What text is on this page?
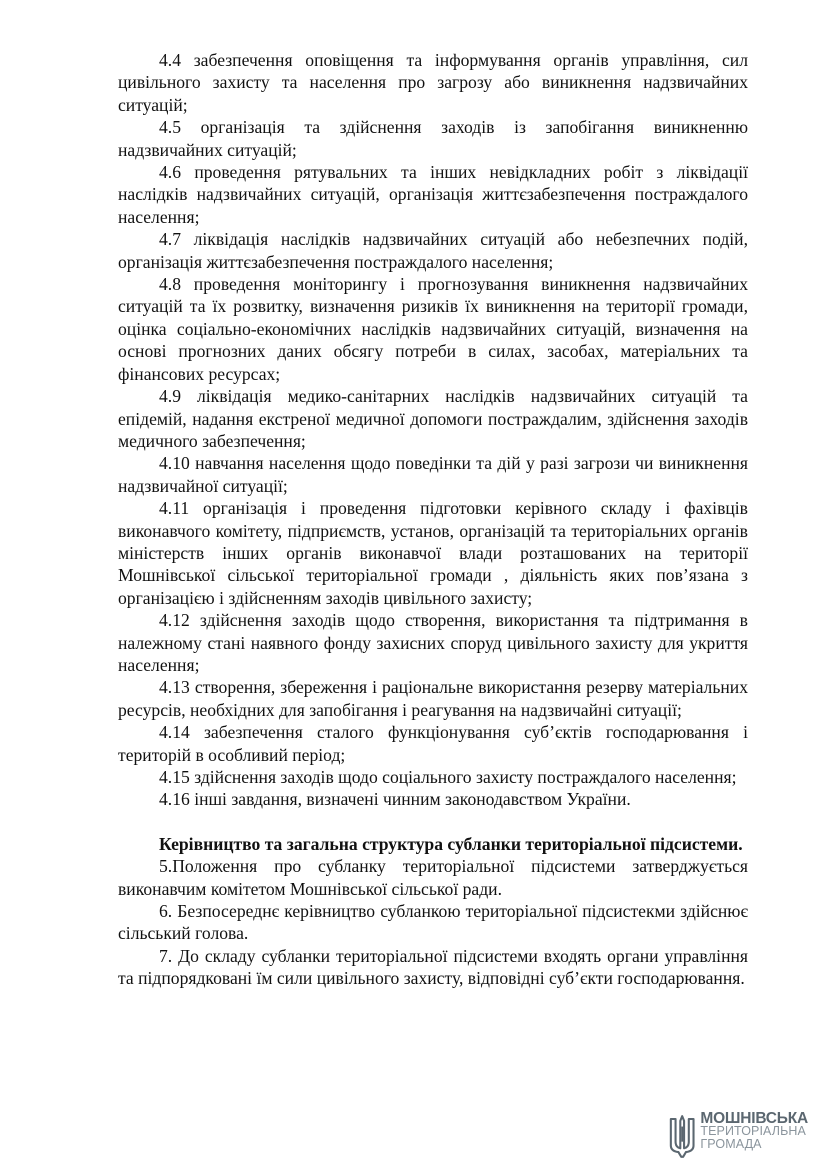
4.4 забезпечення оповіщення та інформування органів управління, сил цивільного захисту та населення про загрозу або виникнення надзвичайних ситуацій;

4.5 організація та здійснення заходів із запобігання виникненню надзвичайних ситуацій;

4.6 проведення рятувальних та інших невідкладних робіт з ліквідації наслідків надзвичайних ситуацій, організація життєзабезпечення постраждалого населення;

4.7 ліквідація наслідків надзвичайних ситуацій або небезпечних подій, організація життєзабезпечення постраждалого населення;

4.8 проведення моніторингу і прогнозування виникнення надзвичайних ситуацій та їх розвитку, визначення ризиків їх виникнення на території громади, оцінка соціально-економічних наслідків надзвичайних ситуацій, визначення на основі прогнозних даних обсягу потреби в силах, засобах, матеріальних та фінансових ресурсах;

4.9 ліквідація медико-санітарних наслідків надзвичайних ситуацій та епідемій, надання екстреної медичної допомоги постраждалим, здійснення заходів медичного забезпечення;

4.10 навчання населення щодо поведінки та дій у разі загрози чи виникнення надзвичайної ситуації;

4.11 організація і проведення підготовки керівного складу і фахівців виконавчого комітету, підприємств, установ, організацій та територіальних органів міністерств інших органів виконавчої влади розташованих на території Мошнівської сільської територіальної громади , діяльність яких пов’язана з організацією і здійсненням заходів цивільного захисту;

4.12 здійснення заходів щодо створення, використання та підтримання в належному стані наявного фонду захисних споруд цивільного захисту для укриття населення;

4.13 створення, збереження і раціональне використання резерву матеріальних ресурсів, необхідних для запобігання і реагування на надзвичайні ситуації;

4.14 забезпечення сталого функціонування суб’єктів господарювання і територій в особливий період;

4.15 здійснення заходів щодо соціального захисту постраждалого населення;

4.16 інші завдання, визначені чинним законодавством України.

Керівництво та загальна структура субланки територіальної підсистеми.

5.Положення про субланку територіальної підсистеми затверджується виконавчим комітетом Мошнівської сільської ради.

6. Безпосереднє керівництво субланкою територіальної підсистекми здійснює сільський голова.

7. До складу субланки територіальної підсистеми входять органи управління та підпорядковані їм сили цивільного захисту, відповідні суб’єкти господарювання.

МОШНІВСЬКА
ТЕРИТОРІАЛЬНА
ГРОМАДА
